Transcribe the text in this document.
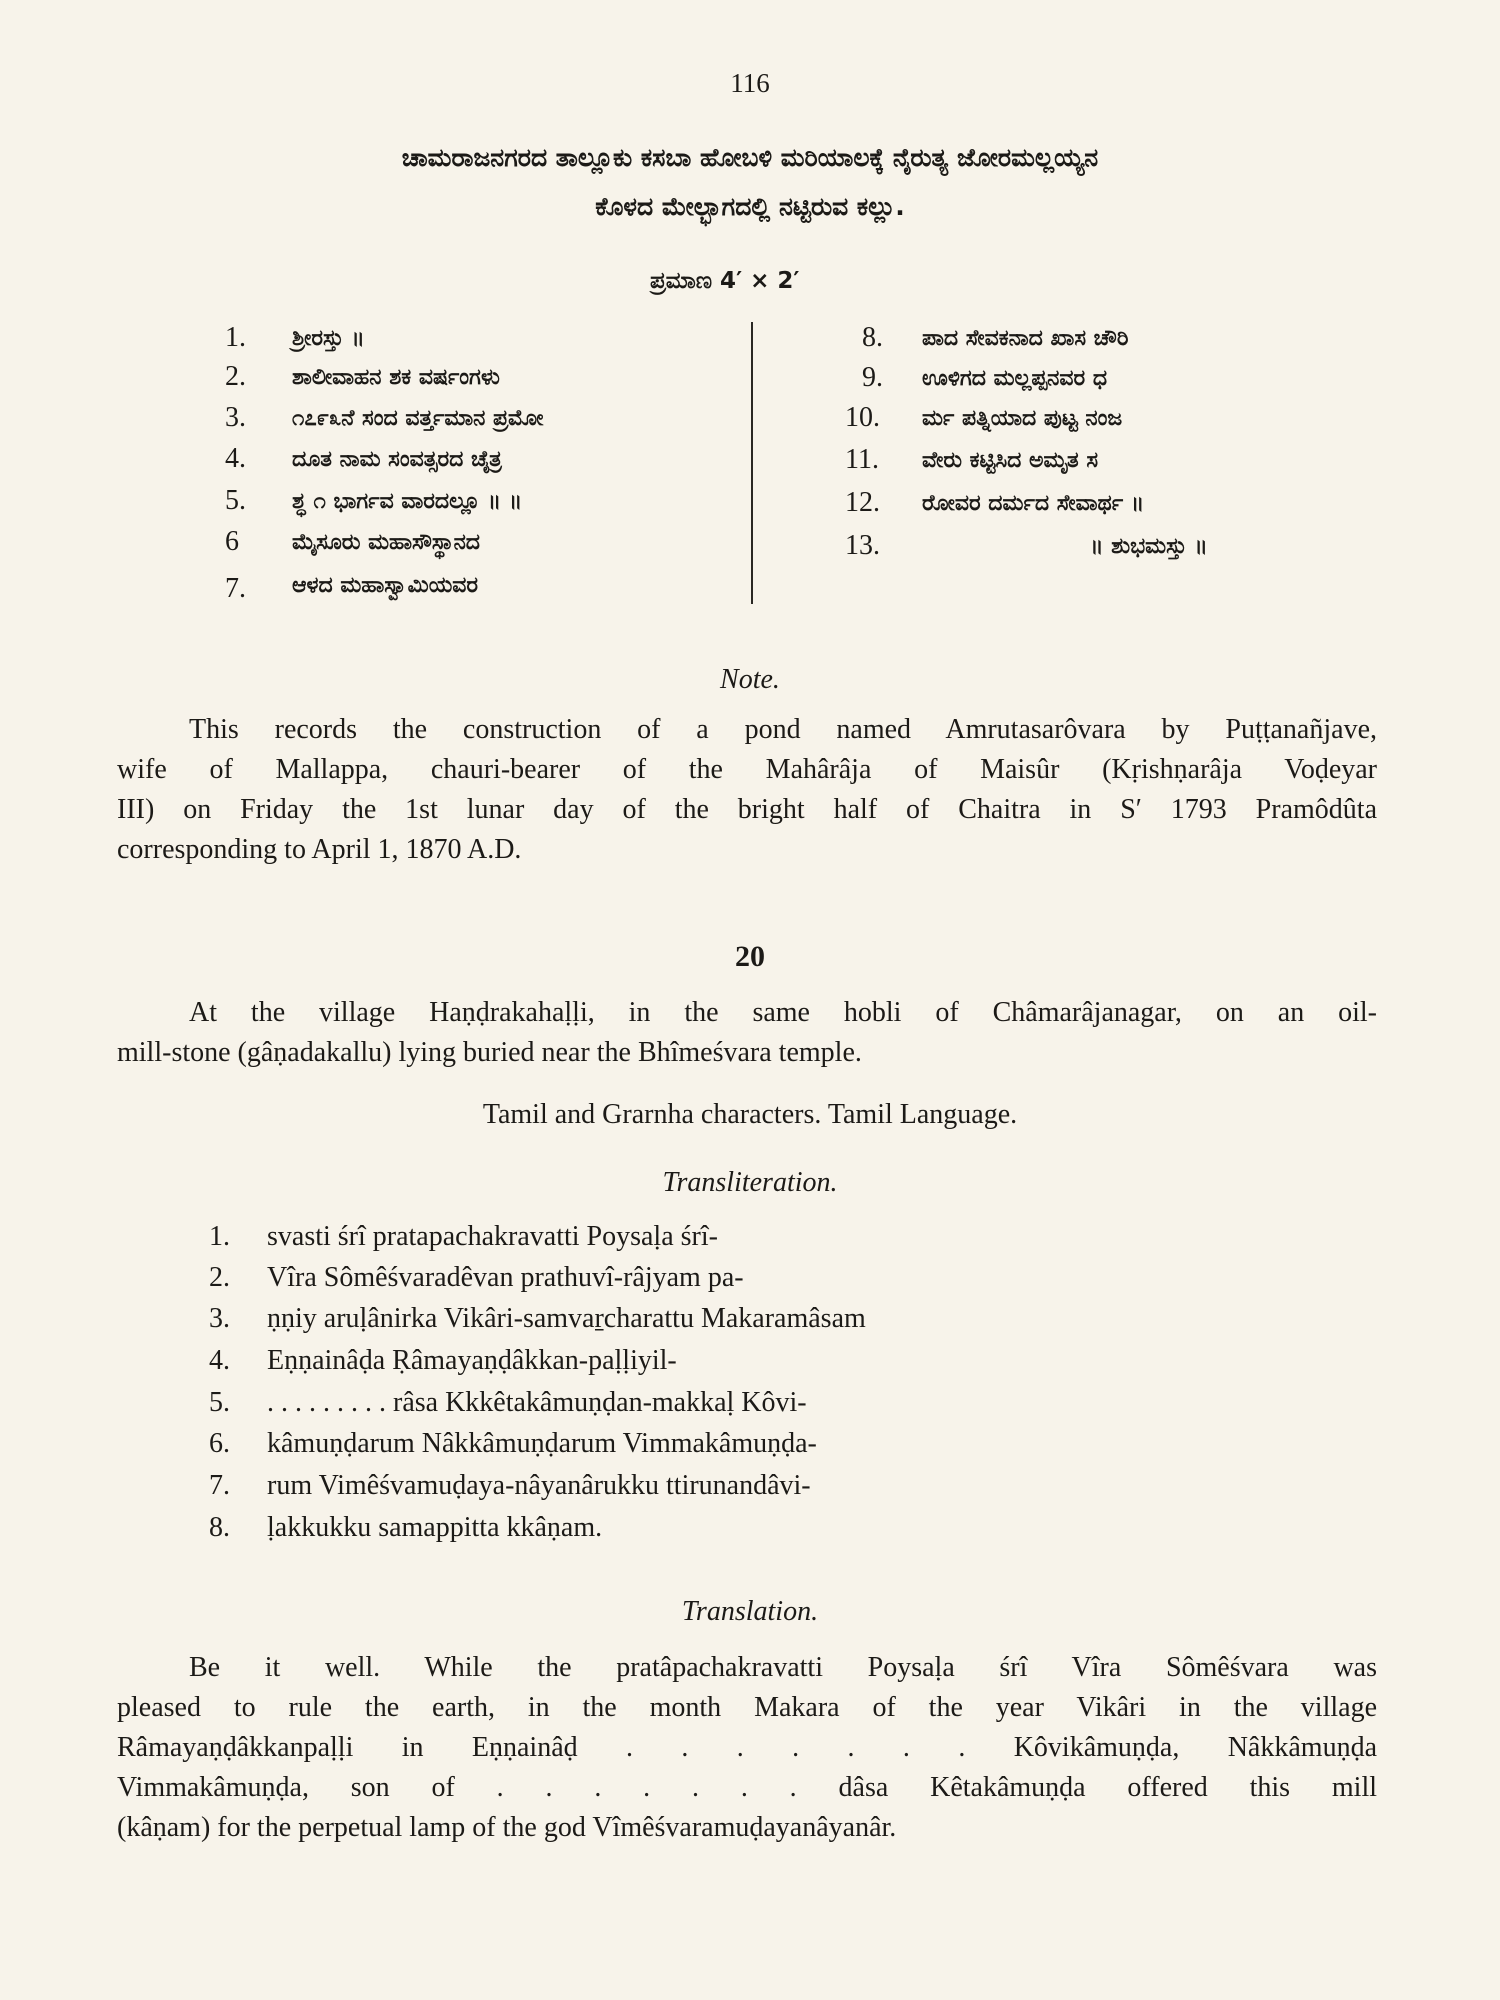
116
ಚಾಮರಾಜನಗರದ ತಾಲ್ಲೂಕು ಕಸಬಾ ಹೋಬಳಿ ಮರಿಯಾಲಕ್ಕೆ ನೈರುತ್ಯ ಜೋರಮಲ್ಲಯ್ಯನ
ಕೊಳದ ಮೇಲ್ಭಾಗದಲ್ಲಿ ನಟ್ಟಿರುವ ಕಲ್ಲು.
ಪ್ರಮಾಣ 4′ × 2′
1. ಶ್ರೀರಸ್ತು ॥
2. ಶಾಲೀವಾಹನ ಶಕ ವರ್ಷಂಗಳು
3. ೧೭೯೩ನೆ ಸಂದ ವರ್ತ್ತಮಾನ ಪ್ರಮೋ
4. ದೂತ ನಾಮ ಸಂವತ್ಸರದ ಚೈತ್ರ
5. ಶ್ಧ ೧ ಭಾರ್ಗವ ವಾರದಲ್ಲೂ ॥ ॥
6 ಮೈಸೂರು ಮಹಾಸೌಸ್ಥಾನದ
7. ಆಳದ ಮಹಾಸ್ವಾಮಿಯವರ
8. ಪಾದ ಸೇವಕನಾದ ಖಾಸ ಚೌರಿ
9. ಊಳಿಗದ ಮಲ್ಲಪ್ಪನವರ ಧ
10. ರ್ಮ ಪತ್ನಿಯಾದ ಪುಟ್ಟ ನಂಜ
11. ವೇರು ಕಟ್ಟಿಸಿದ ಅಮೃತ ಸ
12. ರೋವರ ದರ್ಮದ ಸೇವಾರ್ಥ ॥
13.	॥ ಶುಭಮಸ್ತು ॥
Note.
This records the construction of a pond named Amrutasarôvara by Puṭṭanañjave,
wife of Mallappa, chauri-bearer of the Mahârâja of Maisûr (Kṛishṇarâja Voḍeyar
III) on Friday the 1st lunar day of the bright half of Chaitra in S′ 1793 Pramôdûta
corresponding to April 1, 1870 A.D.
20
At the village Haṇḍrakahaḷḷi, in the same hobli of Châmarâjanagar, on an oil-
mill-stone (gâṇadakallu) lying buried near the Bhîmeśvara temple.
Tamil and Grarnha characters. Tamil Language.
Transliteration.
1. svasti śrî pratapachakravatti Poysaḷa śrî-
2. Vîra Sômêśvaradêvan prathuvî-râjyam pa-
3. ṇṇiy aruḷânirka Vikâri-samvaṟcharattu Makaramâsam
4. Eṇṇainâḍa Ṛâmayaṇḍâkkan-paḷḷiyil-
5. . . . . . . . . . râsa Kkkêtakâmuṇḍan-makkaḷ Kôvi-
6. kâmuṇḍarum Nâkkâmuṇḍarum Vimmakâmuṇḍa-
7. rum Vimêśvamuḍaya-nâyanârukku ttirunandâvi-
8. ḷakkukku samappitta kkâṇam.
Translation.
Be it well. While the pratâpachakravatti Poysaḷa śrî Vîra Sômêśvara was
pleased to rule the earth, in the month Makara of the year Vikâri in the village
Râmayaṇḍâkkanpaḷḷi in Eṇṇainâḍ . . . . . . . Kôvikâmuṇḍa, Nâkkâmuṇḍa
Vimmakâmuṇḍa, son of . . . . . . . dâsa Kêtakâmuṇḍa offered this mill
(kâṇam) for the perpetual lamp of the god Vîmêśvaramuḍayanâyanâr.
